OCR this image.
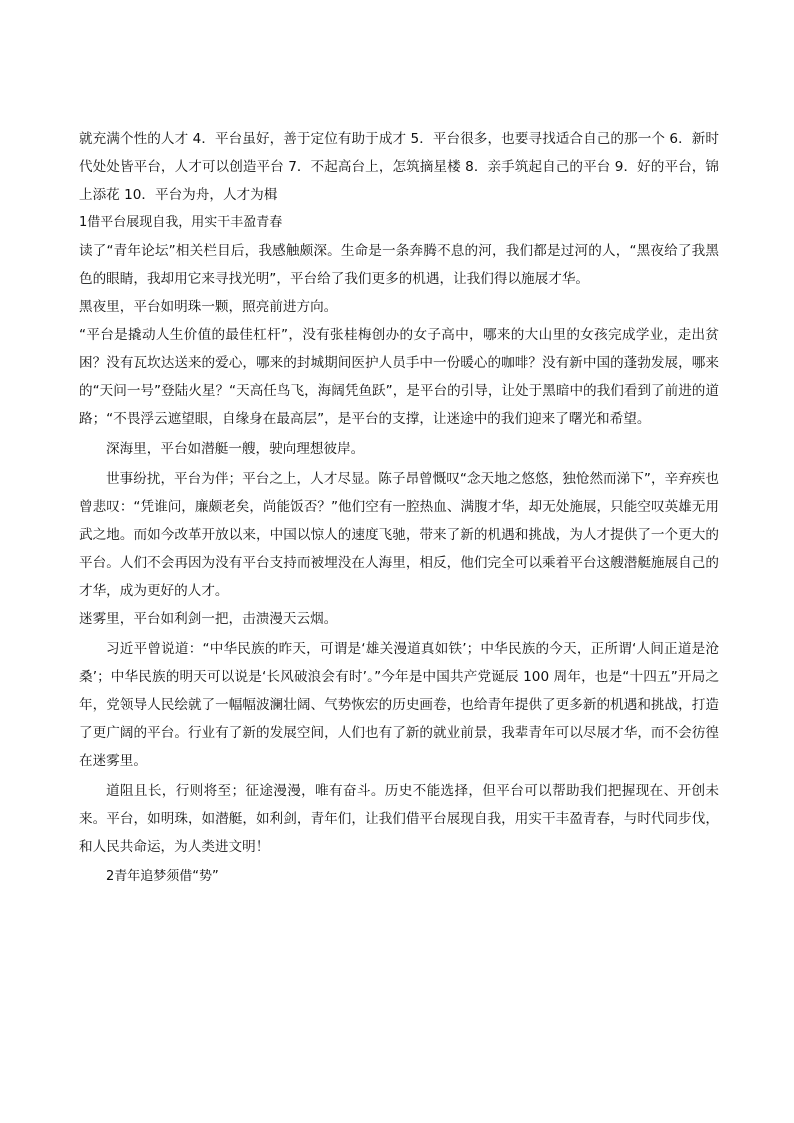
就充满个性的人才 4．平台虽好，善于定位有助于成才 5．平台很多，也要寻找适合自己的那一个 6．新时代处处皆平台，人才可以创造平台 7．不起高台上，怎筑摘星楼 8．亲手筑起自己的平台 9．好的平台，锦上添花 10．平台为舟，人才为楫

1借平台展现自我，用实干丰盈青春

读了“青年论坛”相关栏目后，我感触颇深。生命是一条奔腾不息的河，我们都是过河的人，“黑夜给了我黑色的眼睛，我却用它来寻找光明”，平台给了我们更多的机遇，让我们得以施展才华。

黑夜里，平台如明珠一颗，照亮前进方向。

“平台是撬动人生价值的最佳杠杆”，没有张桂梅创办的女子高中，哪来的大山里的女孩完成学业，走出贫困？没有瓦坎达送来的爱心，哪来的封城期间医护人员手中一份暖心的咖啡？没有新中国的蓬勃发展，哪来的“天问一号”登陆火星？“天高任鸟飞，海阔凭鱼跃”，是平台的引导，让处于黑暗中的我们看到了前进的道路；“不畏浮云遮望眼，自缘身在最高层”，是平台的支撑，让迷途中的我们迎来了曙光和希望。

深海里，平台如潜艇一艘，驶向理想彼岸。

世事纷扰，平台为伴；平台之上，人才尽显。陈子昂曾慨叹“念天地之悠悠，独怆然而涕下”，辛弃疾也曾悲叹：“凭谁问，廉颇老矣，尚能饭否？”他们空有一腔热血、满腹才华，却无处施展，只能空叹英雄无用武之地。而如今改革开放以来，中国以惊人的速度飞驰，带来了新的机遇和挑战，为人才提供了一个更大的平台。人们不会再因为没有平台支持而被埋没在人海里，相反，他们完全可以乘着平台这艘潜艇施展自己的才华，成为更好的人才。

迷雾里，平台如利剑一把，击溃漫天云烟。

习近平曾说道：“中华民族的昨天，可谓是‘雄关漫道真如铁’；中华民族的今天，正所谓‘人间正道是沧桑’；中华民族的明天可以说是‘长风破浪会有时’。”今年是中国共产党诞辰 100 周年，也是“十四五”开局之年，党领导人民绘就了一幅幅波澜壮阔、气势恢宏的历史画卷，也给青年提供了更多新的机遇和挑战，打造了更广阔的平台。行业有了新的发展空间，人们也有了新的就业前景，我辈青年可以尽展才华，而不会彷徨在迷雾里。

道阻且长，行则将至；征途漫漫，唯有奋斗。历史不能选择，但平台可以帮助我们把握现在、开创未来。平台，如明珠，如潜艇，如利剑，青年们，让我们借平台展现自我，用实干丰盈青春，与时代同步伐，和人民共命运，为人类进文明！

2青年追梦须借“势”
